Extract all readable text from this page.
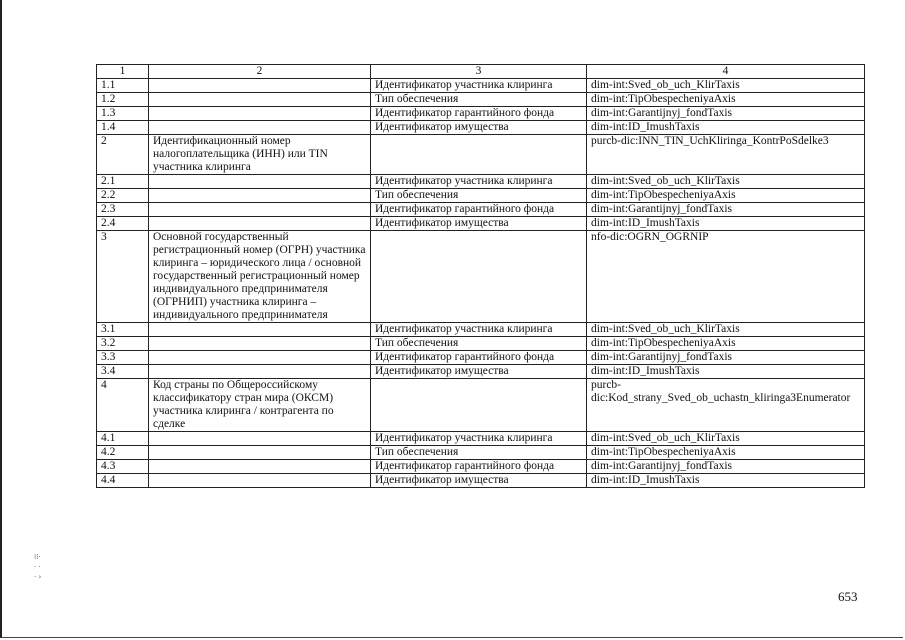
1	2	3	4
1.1		Идентификатор участника клиринга	dim-int:Sved_ob_uch_KlirTaxis
1.2		Тип обеспечения	dim-int:TipObespecheniyaAxis
1.3		Идентификатор гарантийного фонда	dim-int:Garantijnyj_fondTaxis
1.4		Идентификатор имущества	dim-int:ID_ImushTaxis
2	Идентификационный номер налогоплательщика (ИНН) или TIN участника клиринга		purcb-dic:INN_TIN_UchKliringa_KontrPoSdelke3
2.1		Идентификатор участника клиринга	dim-int:Sved_ob_uch_KlirTaxis
2.2		Тип обеспечения	dim-int:TipObespecheniyaAxis
2.3		Идентификатор гарантийного фонда	dim-int:Garantijnyj_fondTaxis
2.4		Идентификатор имущества	dim-int:ID_ImushTaxis
3	Основной государственный регистрационный номер (ОГРН) участника клиринга – юридического лица / основной государственный регистрационный номер индивидуального предпринимателя (ОГРНИП) участника клиринга – индивидуального предпринимателя		nfo-dic:OGRN_OGRNIP
3.1		Идентификатор участника клиринга	dim-int:Sved_ob_uch_KlirTaxis
3.2		Тип обеспечения	dim-int:TipObespecheniyaAxis
3.3		Идентификатор гарантийного фонда	dim-int:Garantijnyj_fondTaxis
3.4		Идентификатор имущества	dim-int:ID_ImushTaxis
4	Код страны по Общероссийскому классификатору стран мира (ОКСМ) участника клиринга / контрагента по сделке		purcb-dic:Kod_strany_Sved_ob_uchastn_kliringa3Enumerator
4.1		Идентификатор участника клиринга	dim-int:Sved_ob_uch_KlirTaxis
4.2		Тип обеспечения	dim-int:TipObespecheniyaAxis
4.3		Идентификатор гарантийного фонда	dim-int:Garantijnyj_fondTaxis
4.4		Идентификатор имущества	dim-int:ID_ImushTaxis
653
⁞⁞·
· ·
· ›
